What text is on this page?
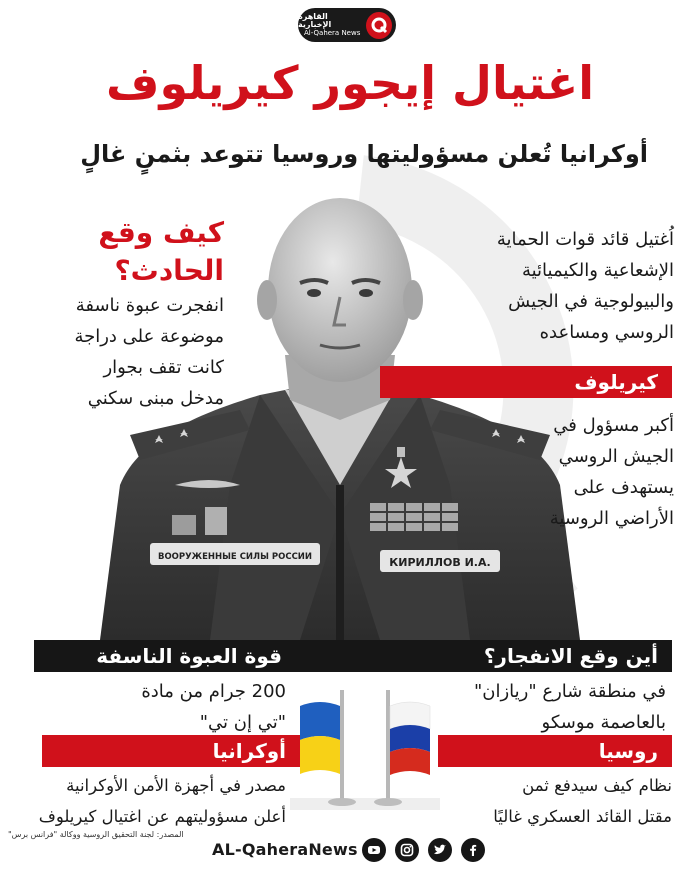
القاهرة الإخبارية
Al-Qahera News
اغتيال إيجور كيريلوف
أوكرانيا تُعلن مسؤوليتها وروسيا تتوعد بثمنٍ غالٍ
ВООРУЖЕННЫЕ СИЛЫ РОССИИ	КИРИЛЛОВ И.А.
كيف وقع
الحادث؟
انفجرت عبوة ناسفة
موضوعة على دراجة
كانت تقف بجوار
مدخل مبنى سكني
اُغتيل قائد قوات الحماية
الإشعاعية والكيميائية
والبيولوجية في الجيش
الروسي ومساعده
كيريلوف
أكبر مسؤول في
الجيش الروسي
يستهدف على
الأراضي الروسية
قوة العبوة الناسفة	أين وقع الانفجار؟
200 جرام من مادة
"تي إن تي"
في منطقة شارع "ريازان"
بالعاصمة موسكو
أوكرانيا
مصدر في أجهزة الأمن الأوكرانية
أعلن مسؤوليتهم عن اغتيال كيريلوف
روسيا
نظام كيف سيدفع ثمن
مقتل القائد العسكري غاليًا
المصدر: لجنة التحقيق الروسية ووكالة "فرانس برس"
AL-QaheraNews
